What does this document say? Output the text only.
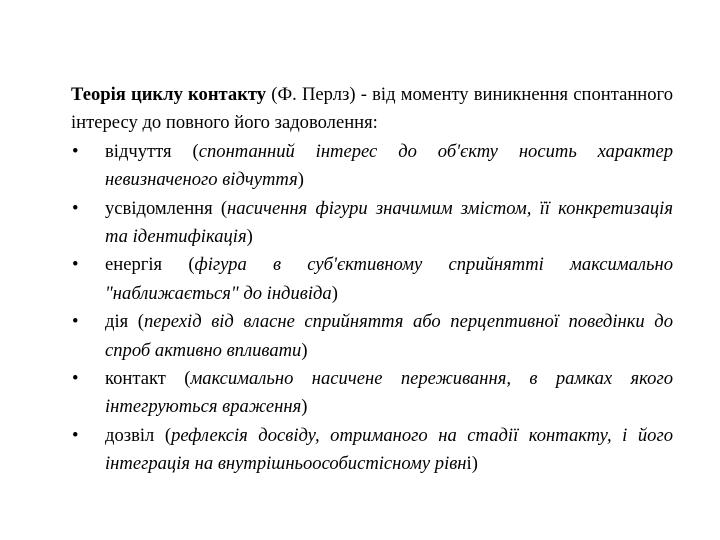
Теорія циклу контакту (Ф. Перлз) - від моменту виникнення спонтанного інтересу до повного його задоволення:

•	відчуття (спонтанний інтерес до об'єкту носить характер невизначеного відчуття)
•	усвідомлення (насичення фігури значимим змістом, її конкретизація та ідентифікація)
•	енергія (фігура в суб'єктивному сприйнятті максимально "наближається" до індивіда)
•	дія (перехід від власне сприйняття або перцептивної поведінки до спроб активно впливати)
•	контакт (максимально насичене переживання, в рамках якого інтегруються враження)
•	дозвіл (рефлексія досвіду, отриманого на стадії контакту, і його інтеграція на внутрішньоособистісному рівні)
